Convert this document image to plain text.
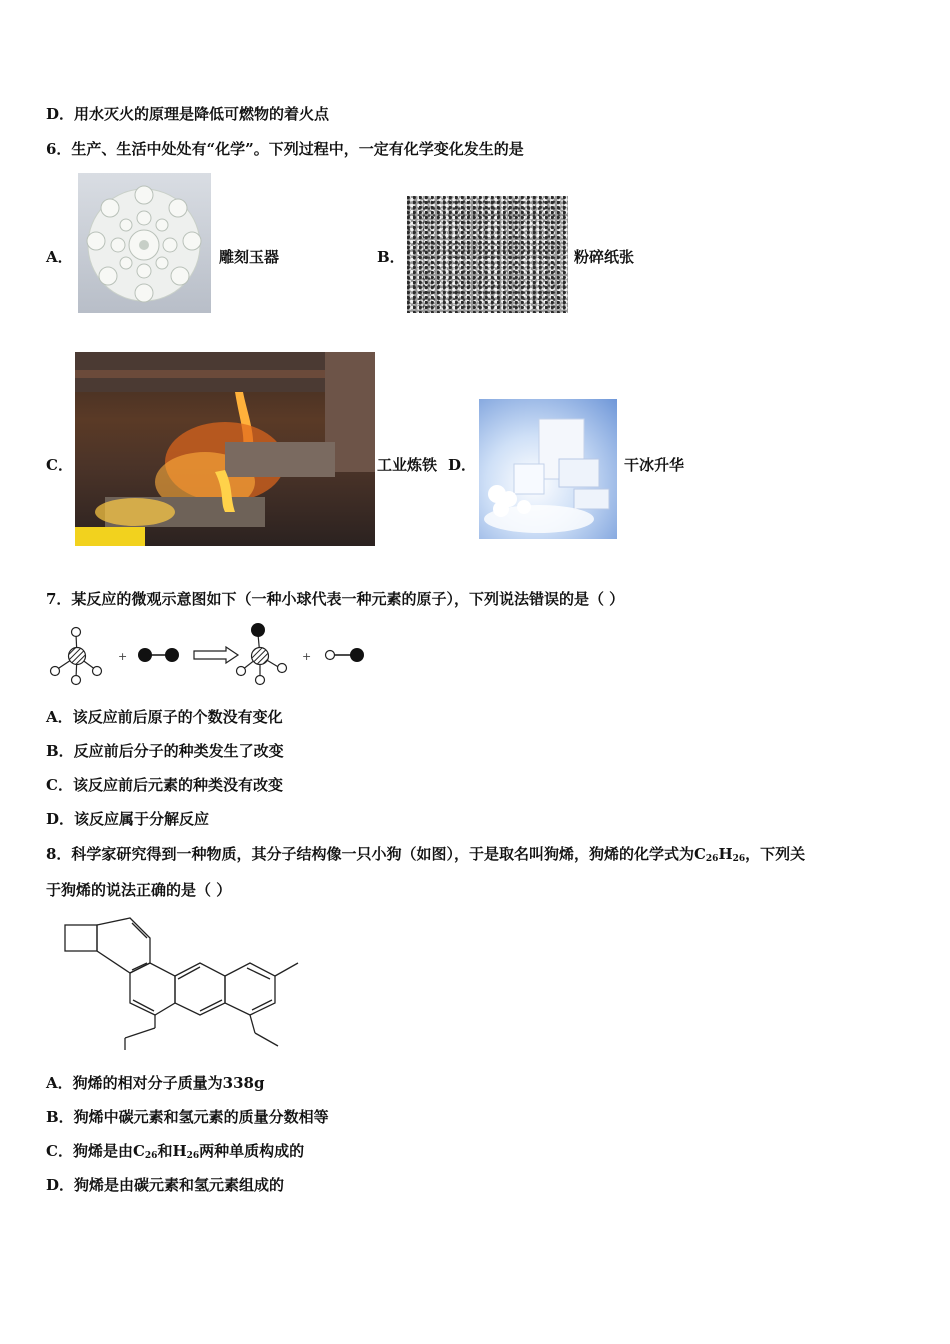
D．用水灭火的原理是降低可燃物的着火点
6．生产、生活中处处有“化学”。下列过程中，一定有化学变化发生的是
A．	雕刻玉器	B．	粉碎纸张
C．	工业炼铁 D．	干冰升华
7．某反应的微观示意图如下（一种小球代表一种元素的原子），下列说法错误的是（ ）
+	+
A．该反应前后原子的个数没有变化
B．反应前后分子的种类发生了改变
C．该反应前后元素的种类没有改变
D．该反应属于分解反应
8．科学家研究得到一种物质，其分子结构像一只小狗（如图），于是取名叫狗烯，狗烯的化学式为$C_{26}H_{26}$，下列关
于狗烯的说法正确的是（ ）
A．狗烯的相对分子质量为338g
B．狗烯中碳元素和氢元素的质量分数相等
C．狗烯是由$C_{26}$和$H_{26}$两种单质构成的
D．狗烯是由碳元素和氢元素组成的
